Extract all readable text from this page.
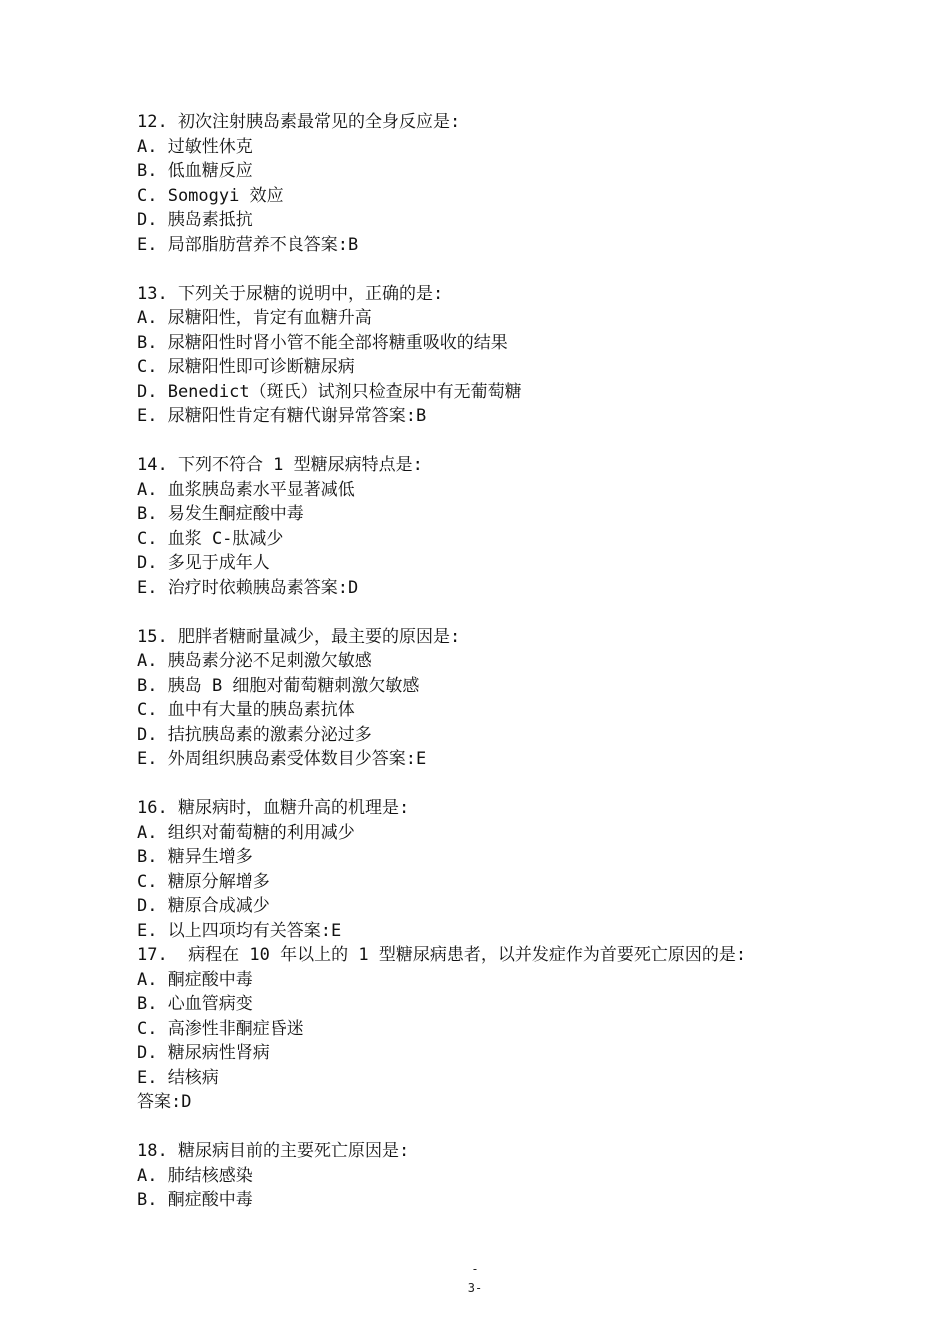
12. 初次注射胰岛素最常见的全身反应是:
A. 过敏性休克
B. 低血糖反应
C. Somogyi 效应
D. 胰岛素抵抗
E. 局部脂肪营养不良答案:B
13. 下列关于尿糖的说明中，正确的是:
A. 尿糖阳性，肯定有血糖升高
B. 尿糖阳性时肾小管不能全部将糖重吸收的结果
C. 尿糖阳性即可诊断糖尿病
D. Benedict（斑氏）试剂只检查尿中有无葡萄糖
E. 尿糖阳性肯定有糖代谢异常答案:B
14. 下列不符合 1 型糖尿病特点是:
A. 血浆胰岛素水平显著减低
B. 易发生酮症酸中毒
C. 血浆 C-肽减少
D. 多见于成年人
E. 治疗时依赖胰岛素答案:D
15. 肥胖者糖耐量减少，最主要的原因是:
A. 胰岛素分泌不足刺激欠敏感
B. 胰岛 B 细胞对葡萄糖刺激欠敏感
C. 血中有大量的胰岛素抗体
D. 拮抗胰岛素的激素分泌过多
E. 外周组织胰岛素受体数目少答案:E
16. 糖尿病时，血糖升高的机理是:
A. 组织对葡萄糖的利用减少
B. 糖异生增多
C. 糖原分解增多
D. 糖原合成减少
E. 以上四项均有关答案:E
17.  病程在 10 年以上的 1 型糖尿病患者，以并发症作为首要死亡原因的是:
A. 酮症酸中毒
B. 心血管病变
C. 高渗性非酮症昏迷
D. 糖尿病性肾病
E. 结核病
答案:D
18. 糖尿病目前的主要死亡原因是:
A. 肺结核感染
B. 酮症酸中毒
-
3-
